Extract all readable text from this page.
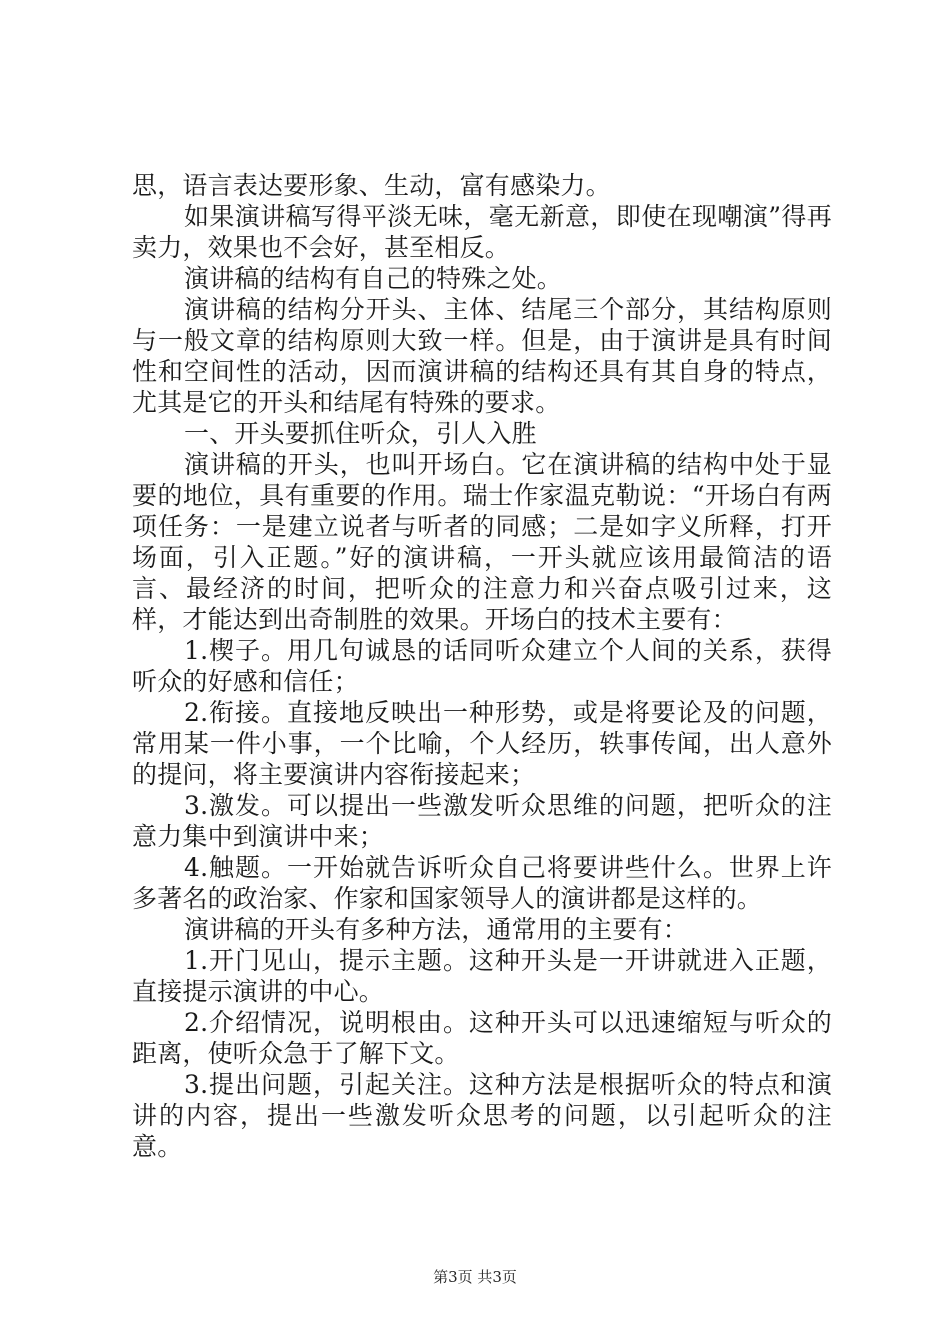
思，语言表达要形象、生动，富有感染力。

如果演讲稿写得平淡无味，毫无新意，即使在现嘲演”得再卖力，效果也不会好，甚至相反。

演讲稿的结构有自己的特殊之处。

演讲稿的结构分开头、主体、结尾三个部分，其结构原则与一般文章的结构原则大致一样。但是，由于演讲是具有时间性和空间性的活动，因而演讲稿的结构还具有其自身的特点，尤其是它的开头和结尾有特殊的要求。

一、开头要抓住听众，引人入胜

演讲稿的开头，也叫开场白。它在演讲稿的结构中处于显要的地位，具有重要的作用。瑞士作家温克勒说：“开场白有两项任务：一是建立说者与听者的同感；二是如字义所释，打开场面，引入正题。”好的演讲稿，一开头就应该用最简洁的语言、最经济的时间，把听众的注意力和兴奋点吸引过来，这样，才能达到出奇制胜的效果。开场白的技术主要有：

1.楔子。用几句诚恳的话同听众建立个人间的关系，获得听众的好感和信任；

2.衔接。直接地反映出一种形势，或是将要论及的问题，常用某一件小事，一个比喻，个人经历，轶事传闻，出人意外的提问，将主要演讲内容衔接起来；

3.激发。可以提出一些激发听众思维的问题，把听众的注意力集中到演讲中来；

4.触题。一开始就告诉听众自己将要讲些什么。世界上许多著名的政治家、作家和国家领导人的演讲都是这样的。

演讲稿的开头有多种方法，通常用的主要有：

1.开门见山，提示主题。这种开头是一开讲就进入正题，直接提示演讲的中心。

2.介绍情况，说明根由。这种开头可以迅速缩短与听众的距离，使听众急于了解下文。

3.提出问题，引起关注。这种方法是根据听众的特点和演讲的内容，提出一些激发听众思考的问题，以引起听众的注意。

第3页 共3页
